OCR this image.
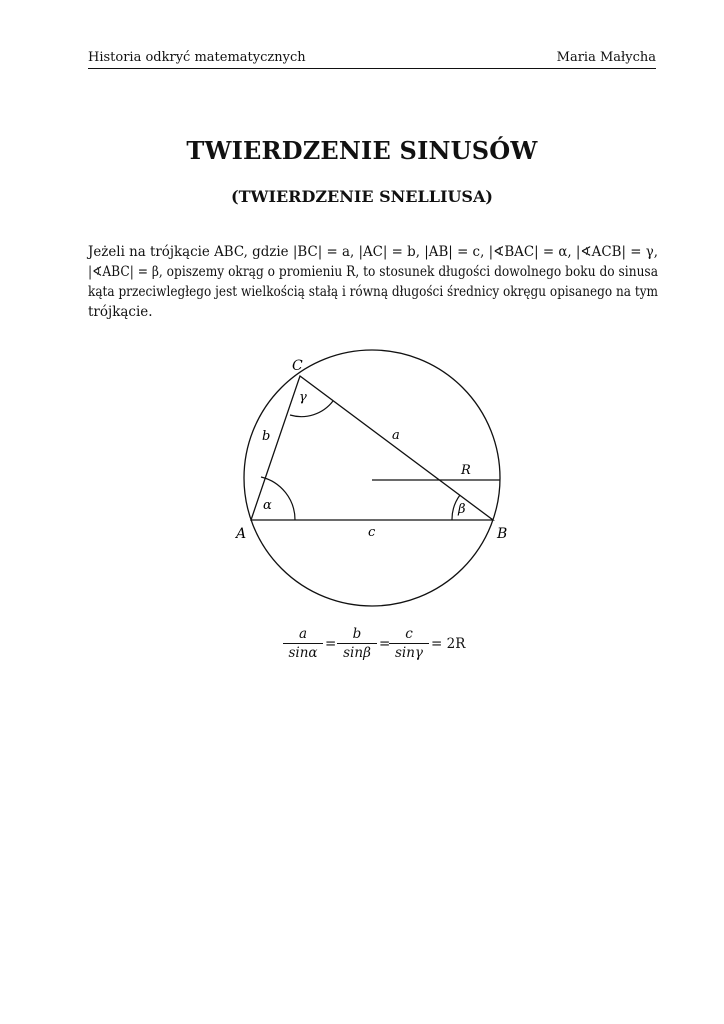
Historia odkryć matematycznych	Maria Małycha
TWIERDZENIE SINUSÓW
(TWIERDZENIE SNELLIUSA)
Jeżeli na trójkącie ABC, gdzie |BC| = a, |AC| = b, |AB| = c, |∢BAC| = α, |∢ACB| = γ,
|∢ABC| = β, opiszemy okrąg o promieniu R, to stosunek długości dowolnego boku do sinusa
kąta przeciwległego jest wielkością stałą i równą długości średnicy okręgu opisanego na tym
trójkącie.
C
A	B
a
b
c
R
α	β
γ
a
sinα
=
b
sinβ
=
c
sinγ
= 2R
